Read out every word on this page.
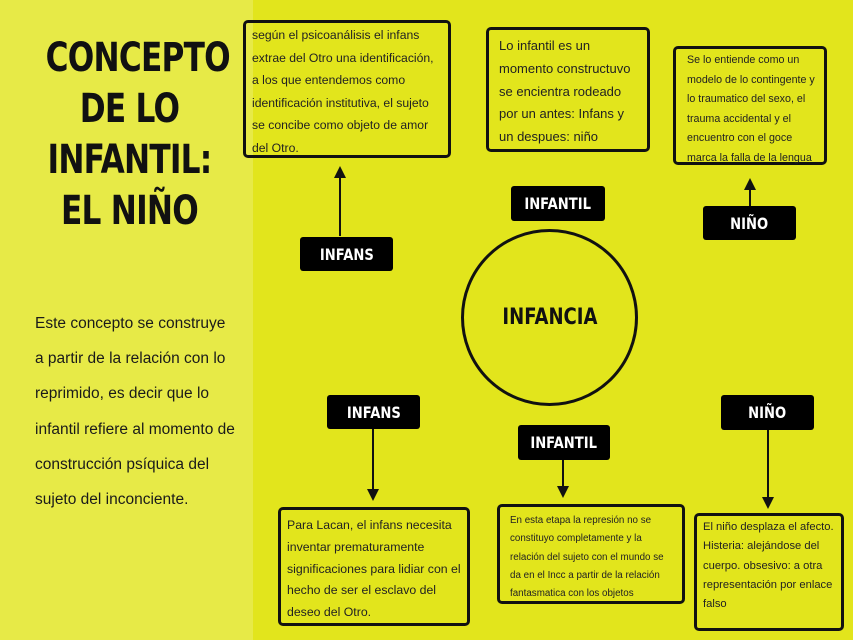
CONCEPTO
DE LO
INFANTIL:
EL NIÑO
Este concepto se construye a partir de la relación con lo reprimido, es decir que lo infantil refiere al momento de construcción psíquica del sujeto del inconciente.
según el psicoanálisis el infans extrae del Otro una identificación, a los que entendemos como identificación institutiva, el sujeto se concibe como objeto de amor del Otro.
Lo infantil es un momento constructuvo se encientra rodeado por un antes: Infans y un despues: niño
Se lo entiende como un modelo de lo contingente y lo traumatico del sexo, el trauma accidental y el encuentro con el goce marca la falla de la lengua
Para Lacan, el infans necesita inventar prematuramente significaciones para lidiar con el hecho de ser el esclavo del deseo del Otro.
En esta etapa la represión no se constituyo completamente y la relación del sujeto con el mundo se da en el Incc a partir de la relación fantasmatica con los objetos
El niño desplaza el afecto. Histeria: alejándose del cuerpo. obsesivo: a otra representación por enlace falso
INFANS
INFANTIL
NIÑO
INFANS
INFANTIL
NIÑO
INFANCIA
